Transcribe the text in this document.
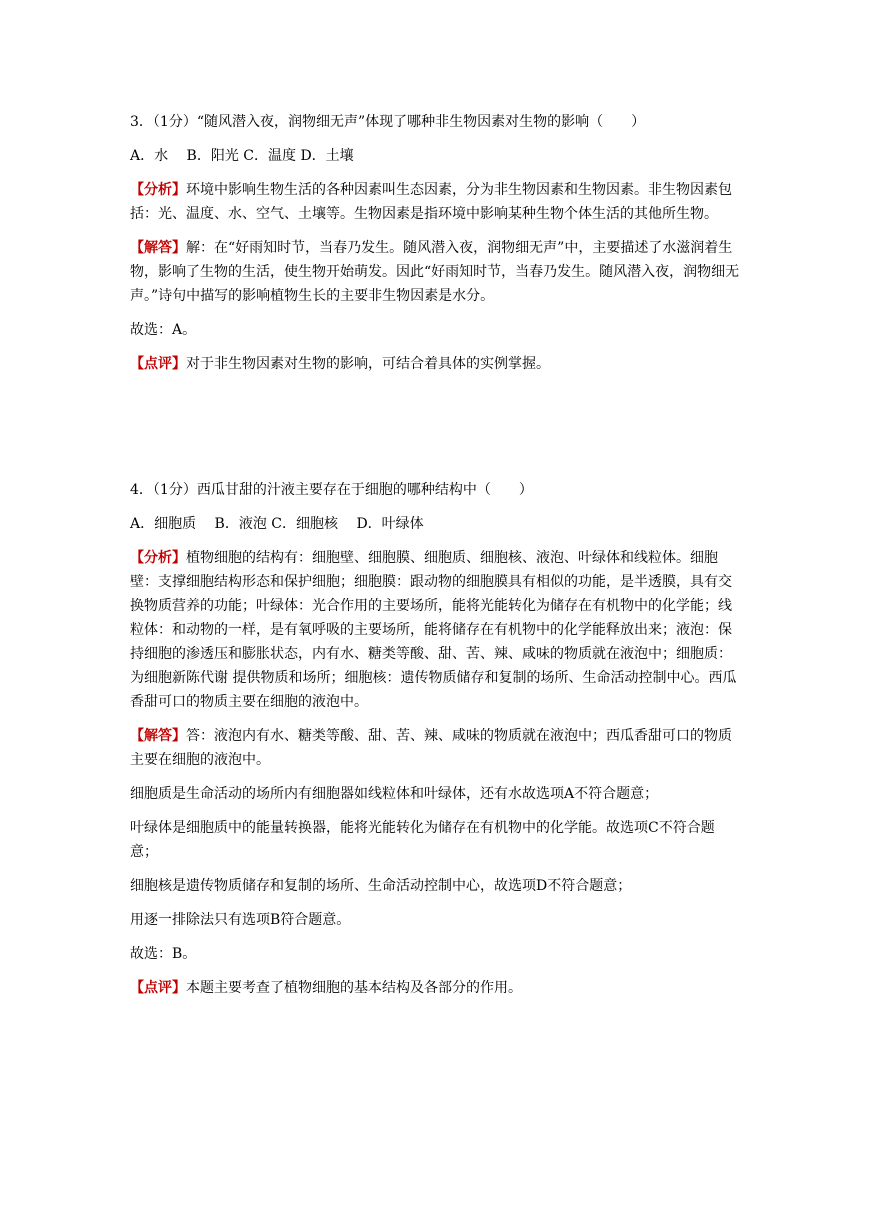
3．（1分）“随风潜入夜，润物细无声”体现了哪种非生物因素对生物的影响（　　）

A．水　 B．阳光 C．温度 D．土壤

【分析】环境中影响生物生活的各种因素叫生态因素，分为非生物因素和生物因素。非生物因素包括：光、温度、水、空气、土壤等。生物因素是指环境中影响某种生物个体生活的其他所生物。

【解答】解：在“好雨知时节，当春乃发生。随风潜入夜，润物细无声”中，主要描述了水滋润着生物，影响了生物的生活，使生物开始萌发。因此“好雨知时节，当春乃发生。随风潜入夜，润物细无声。”诗句中描写的影响植物生长的主要非生物因素是水分。

故选：A。

【点评】对于非生物因素对生物的影响，可结合着具体的实例掌握。

4．（1分）西瓜甘甜的汁液主要存在于细胞的哪种结构中（　　）

A．细胞质　 B．液泡 C．细胞核　 D．叶绿体

【分析】植物细胞的结构有：细胞壁、细胞膜、细胞质、细胞核、液泡、叶绿体和线粒体。细胞壁：支撑细胞结构形态和保护细胞；细胞膜：跟动物的细胞膜具有相似的功能，是半透膜，具有交换物质营养的功能；叶绿体：光合作用的主要场所，能将光能转化为储存在有机物中的化学能；线粒体：和动物的一样，是有氧呼吸的主要场所，能将储存在有机物中的化学能释放出来；液泡：保持细胞的渗透压和膨胀状态，内有水、糖类等酸、甜、苦、辣、咸味的物质就在液泡中；细胞质：为细胞新陈代谢 提供物质和场所；细胞核：遗传物质储存和复制的场所、生命活动控制中心。西瓜香甜可口的物质主要在细胞的液泡中。

【解答】答：液泡内有水、糖类等酸、甜、苦、辣、咸味的物质就在液泡中；西瓜香甜可口的物质主要在细胞的液泡中。

细胞质是生命活动的场所内有细胞器如线粒体和叶绿体，还有水故选项A不符合题意；

叶绿体是细胞质中的能量转换器，能将光能转化为储存在有机物中的化学能。故选项C不符合题意；

细胞核是遗传物质储存和复制的场所、生命活动控制中心，故选项D不符合题意；

用逐一排除法只有选项B符合题意。

故选：B。

【点评】本题主要考查了植物细胞的基本结构及各部分的作用。
